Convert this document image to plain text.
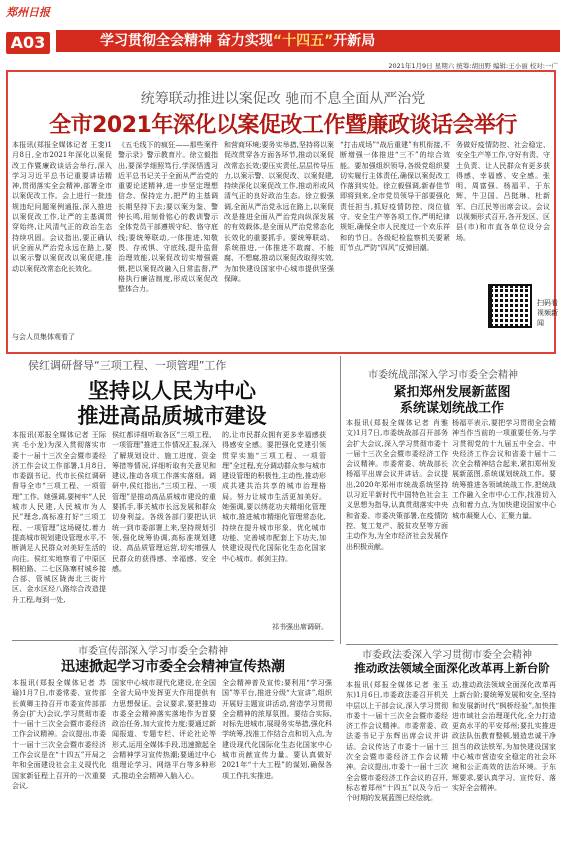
郑州日报
A03	学习贯彻全会精神 奋力实现“十四五”开新局
2021年1月9日 星期六 统筹:胡田野 编辑:王小丽 校对:一广
统筹联动推进以案促改 驰而不息全面从严治党
全市2021年深化以案促改工作暨廉政谈话会举行
本报讯(郑报全媒体记者 王斐)1月8日,全市2021年深化以案促改工作暨廉政谈话会举行,深入学习习近平总书记重要讲话精神,贯彻落实全会精神,部署全市以案促改工作。会上进行一批违规违纪问题案例通报,深入推进以案促改工作,让严的主基调贯穿始终,让风清气正的政治生态持续巩固。会议指出,要正确认识全面从严治党永远在路上,要以案示警以案促改以案促建,推动以案促改常态化长效化。
与会人员集体观看了
《五毛线下的疯狂——那些案件警示录》警示教育片。徐立毅指出,要深学细照笃行,学深悟透习近平总书记关于全面从严治党的重要论述精神,进一步坚定理想信念、保持定力,把严的主基调长期坚持下去;要以案为鉴、警钟长鸣,用刻骨铭心的教训警示全体党员干部遵规守纪、恪守底线;要统筹联动,一体推进,知敬畏、存戒惧、守底线,提升监督治理效能,以案促改切实增强震慑,把以案促改融入日常监督,严格执行廉洁制度,形成以案促改整体合力。
和营商环境;要务实举措,坚持将以案促改贯穿各方面各环节,推动以案促改常态长效;要压实责任,层层传导压力,以案示警、以案促改、以案促建,持续深化以案促改工作,推动形成风清气正的良好政治生态。徐立毅强调,全面从严治党永远在路上,以案促改是推进全面从严治党向纵深发展的有效载体,是全面从严治党常态化长效化的重要抓手。要统筹联动、系统推进,一体推进不敢腐、不能腐、不想腐,推动以案促改取得实效,为加快建设国家中心城市提供坚强保障。
“打击成场”“战后重建”有机衔接,不断增强一体推进“三不”的综合效能。要加强组织领导,各级党组织要切实履行主体责任,确保以案促改工作落到实处。徐立毅强调,新春佳节即将到来,全市党员领导干部要强化责任担当,抓好疫情防控、岗位值守、安全生产等各项工作,严明纪律规矩,确保全市人民度过一个欢乐祥和的节日。各级纪检监察机关要紧盯节点,严防“四风”反弹回潮。
务做好疫情防控、社会稳定、安全生产等工作,守好有责、守土负责、让人民群众有更多获得感、幸福感、安全感。张明、周富强、杨福平、于东辉、牛卫国、吕挺琳、杜新军、白江民等出席会议。会议以视频形式召开,各开发区、区县(市)和市直各单位设分会场。
扫码看视频新闻
侯红调研督导“三项工程、一项管理”工作
坚持以人民为中心
推进高品质城市建设
本报讯(郑报全媒体记者 王际宾 毛小龙)为深入贯彻落实市委十一届十三次全会暨市委经济工作会议工作部署,1月8日,市委副书记、代市长侯红调研督导全市“三项工程、一项管理”工作。她强调,要树牢“人民城市人民建,人民城市为人民”理念,高标准打好“三项工程、一项管理”这场硬仗,着力提高城市规划建设管理水平,不断满足人民群众对美好生活的向往。侯红实地察看了中原区桐柏路、二七区陈寨村城乡接合部、管城区陇海北三街片区、金水区经八路综合改造提升工程,每到一处,
侯红都详细听取各区“三项工程、一项管理”推进工作情况汇报,深入了解规划设计、施工进度、资金筹措等情况,详细听取有关意见和建议,推动各项工作落实落细。调研中,侯红指出,“三项工程、一项管理”是推动高品质城市建设的重要抓手,事关城市长远发展和群众切身利益。各级各部门要把认识统一到市委部署上来,坚持规划引领,强化统筹协调,高标准规划建设、高品质管理运营,切实增强人民群众的获得感、幸福感、安全感。
的,让市民群众拥有更多幸福感获得感安全感。要把强化党建引领贯穿实施“三项工程、一项管理”全过程,充分调动群众参与城市建设管理的积极性,主动性,推动形成共建共治共享的城市治理格局。努力让城市生活更加美好。她强调,要以绣花功夫精细化管理城市,推进城市精细化管理常态化,持续在提升城市形象、优化城市功能、完善城市配套上下功夫,加快建设现代化国际化生态化国家中心城市。郝剑主持。
祁书强出席调研。
市委统战部深入学习市委全会精神
紧扣郑州发展新蓝图
系统谋划统战工作
本报讯(郑报全媒体记者 肖雅文)1月7日,市委统战部召开部务会扩大会议,深入学习贯彻市委十一届十三次全会暨市委经济工作会议精神。市委常委、统战部长杨福平出席会议并讲话。会议提出,2020年郑州市统战系统坚持以习近平新时代中国特色社会主义思想为指导,认真贯彻落实中央和省委、市委决策部署,在疫情防控、复工复产、脱贫攻坚等方面主动作为,为全市经济社会发展作出积极贡献。
杨福平表示,要把学习贯彻全会精神当作当前的一项重要任务,与学习贯彻党的十九届五中全会、中央经济工作会议和省委十届十二次全会精神结合起来,紧扣郑州发展新蓝图,系统谋划统战工作。要统筹推进各领域统战工作,把统战工作融入全市中心工作,找准切入点和着力点,为加快建设国家中心城市凝聚人心、汇聚力量。
市委政法委深入学习贯彻市委全会精神
推动政法领域全面深化改革再上新台阶
本报讯(郑报全媒体记者 张玉东)1月6日,市委政法委召开机关中层以上干部会议,深入学习贯彻市委十一届十三次全会暨市委经济工作会议精神。市委常委、政法委书记于东辉出席会议并讲话。会议传达了市委十一届十三次全会暨市委经济工作会议精神。会议提出,市委十一届十三次全会暨市委经济工作会议的召开,标志着郑州“十四五”以及今后一个时期的发展蓝图已经绘就。
动,推动政法领域全面深化改革再上新台阶;要统筹发展和安全,坚持和发展新时代“枫桥经验”,加快推进市域社会治理现代化,全力打造更高水平的平安郑州;要扎实推进政法队伍教育整顿,锻造忠诚干净担当的政法铁军,为加快建设国家中心城市营造安全稳定的社会环境和公正高效的法治环境。于东辉要求,要认真学习、宣传好、落实好全会精神。
市委宣传部深入学习市委全会精神
迅速掀起学习市委全会精神宣传热潮
本报讯(郑报全媒体记者 苏瑜)1月7日,市委常委、宣传部长黄卿主持召开市委宣传部部务会(扩大)会议,学习贯彻市委十一届十三次全会暨市委经济工作会议精神。会议提出,市委十一届十三次全会暨市委经济工作会议是在“十四五”开局之年和全面建设社会主义现代化国家新征程上召开的一次重要会议,
国家中心城市现代化建设,在全国全省大局中发挥更大作用提供有力思想保证。会议要求,要把推动市委全会精神落实落地作为首要政治任务,加大宣传力度;要通过新闻报道、专题专栏、评论社论等形式,运用全媒体手段,迅速掀起全会精神学习宣传热潮;要通过中心组理论学习、网络平台等多种形式,推动全会精神入脑入心。
全会精神普及宣传;要利用“学习强国”等平台,推进分级“大宣讲”,组织开展好主题宣讲活动,营造学习贯彻全会精神的浓厚氛围。要结合实际,对标先进城市,展现务实举措,强化科学统筹,找准工作结合点和切入点,为建设现代化国际化生态化国家中心城市贡献宣传力量。要认真做好2021年“十大工程”的谋划,确保各项工作扎实推进。
